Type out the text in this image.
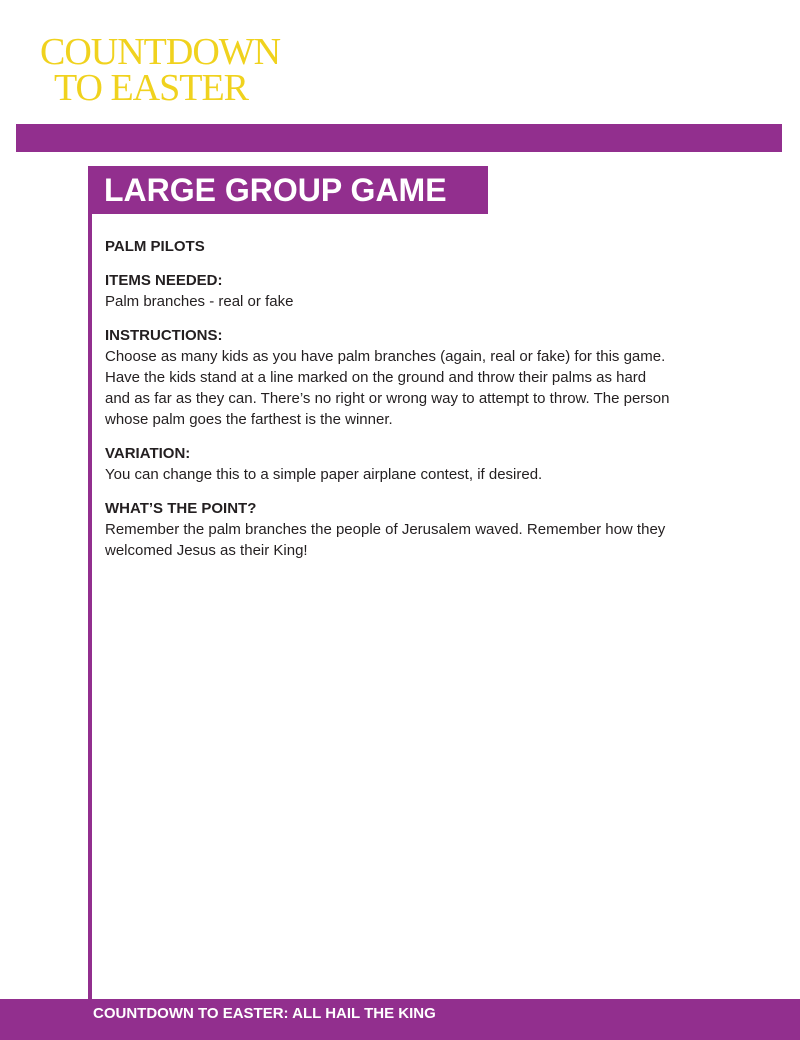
COUNTDOWN
TO EASTER
LARGE GROUP GAME
PALM PILOTS
ITEMS NEEDED:

Palm branches - real or fake

INSTRUCTIONS:

Choose as many kids as you have palm branches (again, real or fake) for this game.

Have the kids stand at a line marked on the ground and throw their palms as hard

and as far as they can. There’s no right or wrong way to attempt to throw. The person

whose palm goes the farthest is the winner.

VARIATION:

You can change this to a simple paper airplane contest, if desired.

WHAT’S THE POINT?

Remember the palm branches the people of Jerusalem waved. Remember how they

welcomed Jesus as their King!

COUNTDOWN TO EASTER: ALL HAIL THE KING
